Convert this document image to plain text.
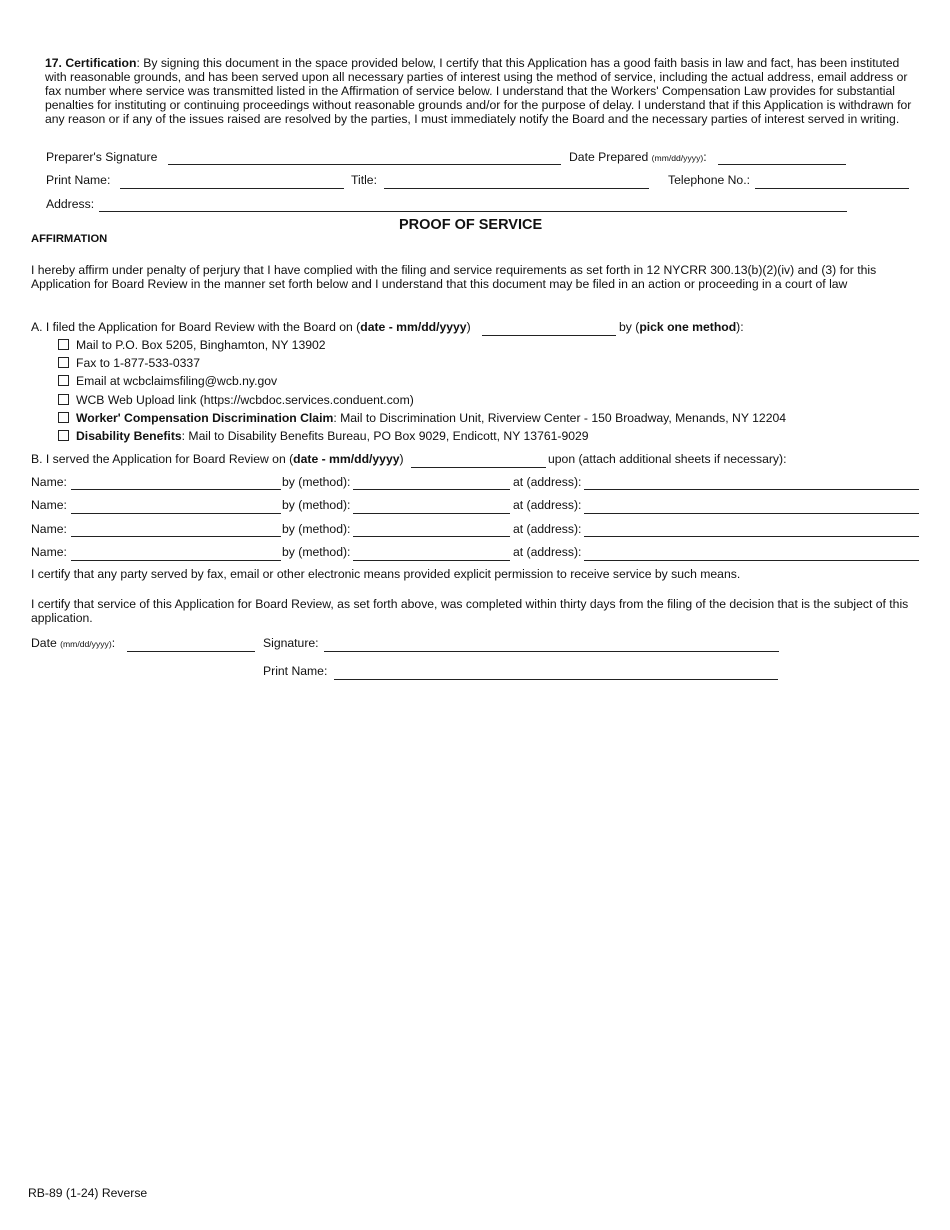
17. Certification: By signing this document in the space provided below, I certify that this Application has a good faith basis in law and fact, has been instituted with reasonable grounds, and has been served upon all necessary parties of interest using the method of service, including the actual address, email address or fax number where service was transmitted listed in the Affirmation of service below. I understand that the Workers' Compensation Law provides for substantial penalties for instituting or continuing proceedings without reasonable grounds and/or for the purpose of delay. I understand that if this Application is withdrawn for any reason or if any of the issues raised are resolved by the parties, I must immediately notify the Board and the necessary parties of interest served in writing.
Preparer's Signature	Date Prepared (mm/dd/yyyy):
Print Name:	Title:	Telephone No.:
Address:
PROOF OF SERVICE
AFFIRMATION
I hereby affirm under penalty of perjury that I have complied with the filing and service requirements as set forth in 12 NYCRR 300.13(b)(2)(iv) and (3) for this Application for Board Review in the manner set forth below and I understand that this document may be filed in an action or proceeding in a court of law
A. I filed the Application for Board Review with the Board on (date - mm/dd/yyyy)	by (pick one method):
Mail to P.O. Box 5205, Binghamton, NY 13902
Fax to 1-877-533-0337
Email at wcbclaimsfiling@wcb.ny.gov
WCB Web Upload link (https://wcbdoc.services.conduent.com)
Worker' Compensation Discrimination Claim: Mail to Discrimination Unit, Riverview Center - 150 Broadway, Menands, NY 12204
Disability Benefits: Mail to Disability Benefits Bureau, PO Box 9029, Endicott, NY 13761-9029
B. I served the Application for Board Review on (date - mm/dd/yyyy)	upon (attach additional sheets if necessary):
Name:	by (method):	at (address):
Name:	by (method):	at (address):
Name:	by (method):	at (address):
Name:	by (method):	at (address):
I certify that any party served by fax, email or other electronic means provided explicit permission to receive service by such means.
I certify that service of this Application for Board Review, as set forth above, was completed within thirty days from the filing of the decision that is the subject of this application.
Date (mm/dd/yyyy):	Signature:
Print Name:
RB-89 (1-24) Reverse
